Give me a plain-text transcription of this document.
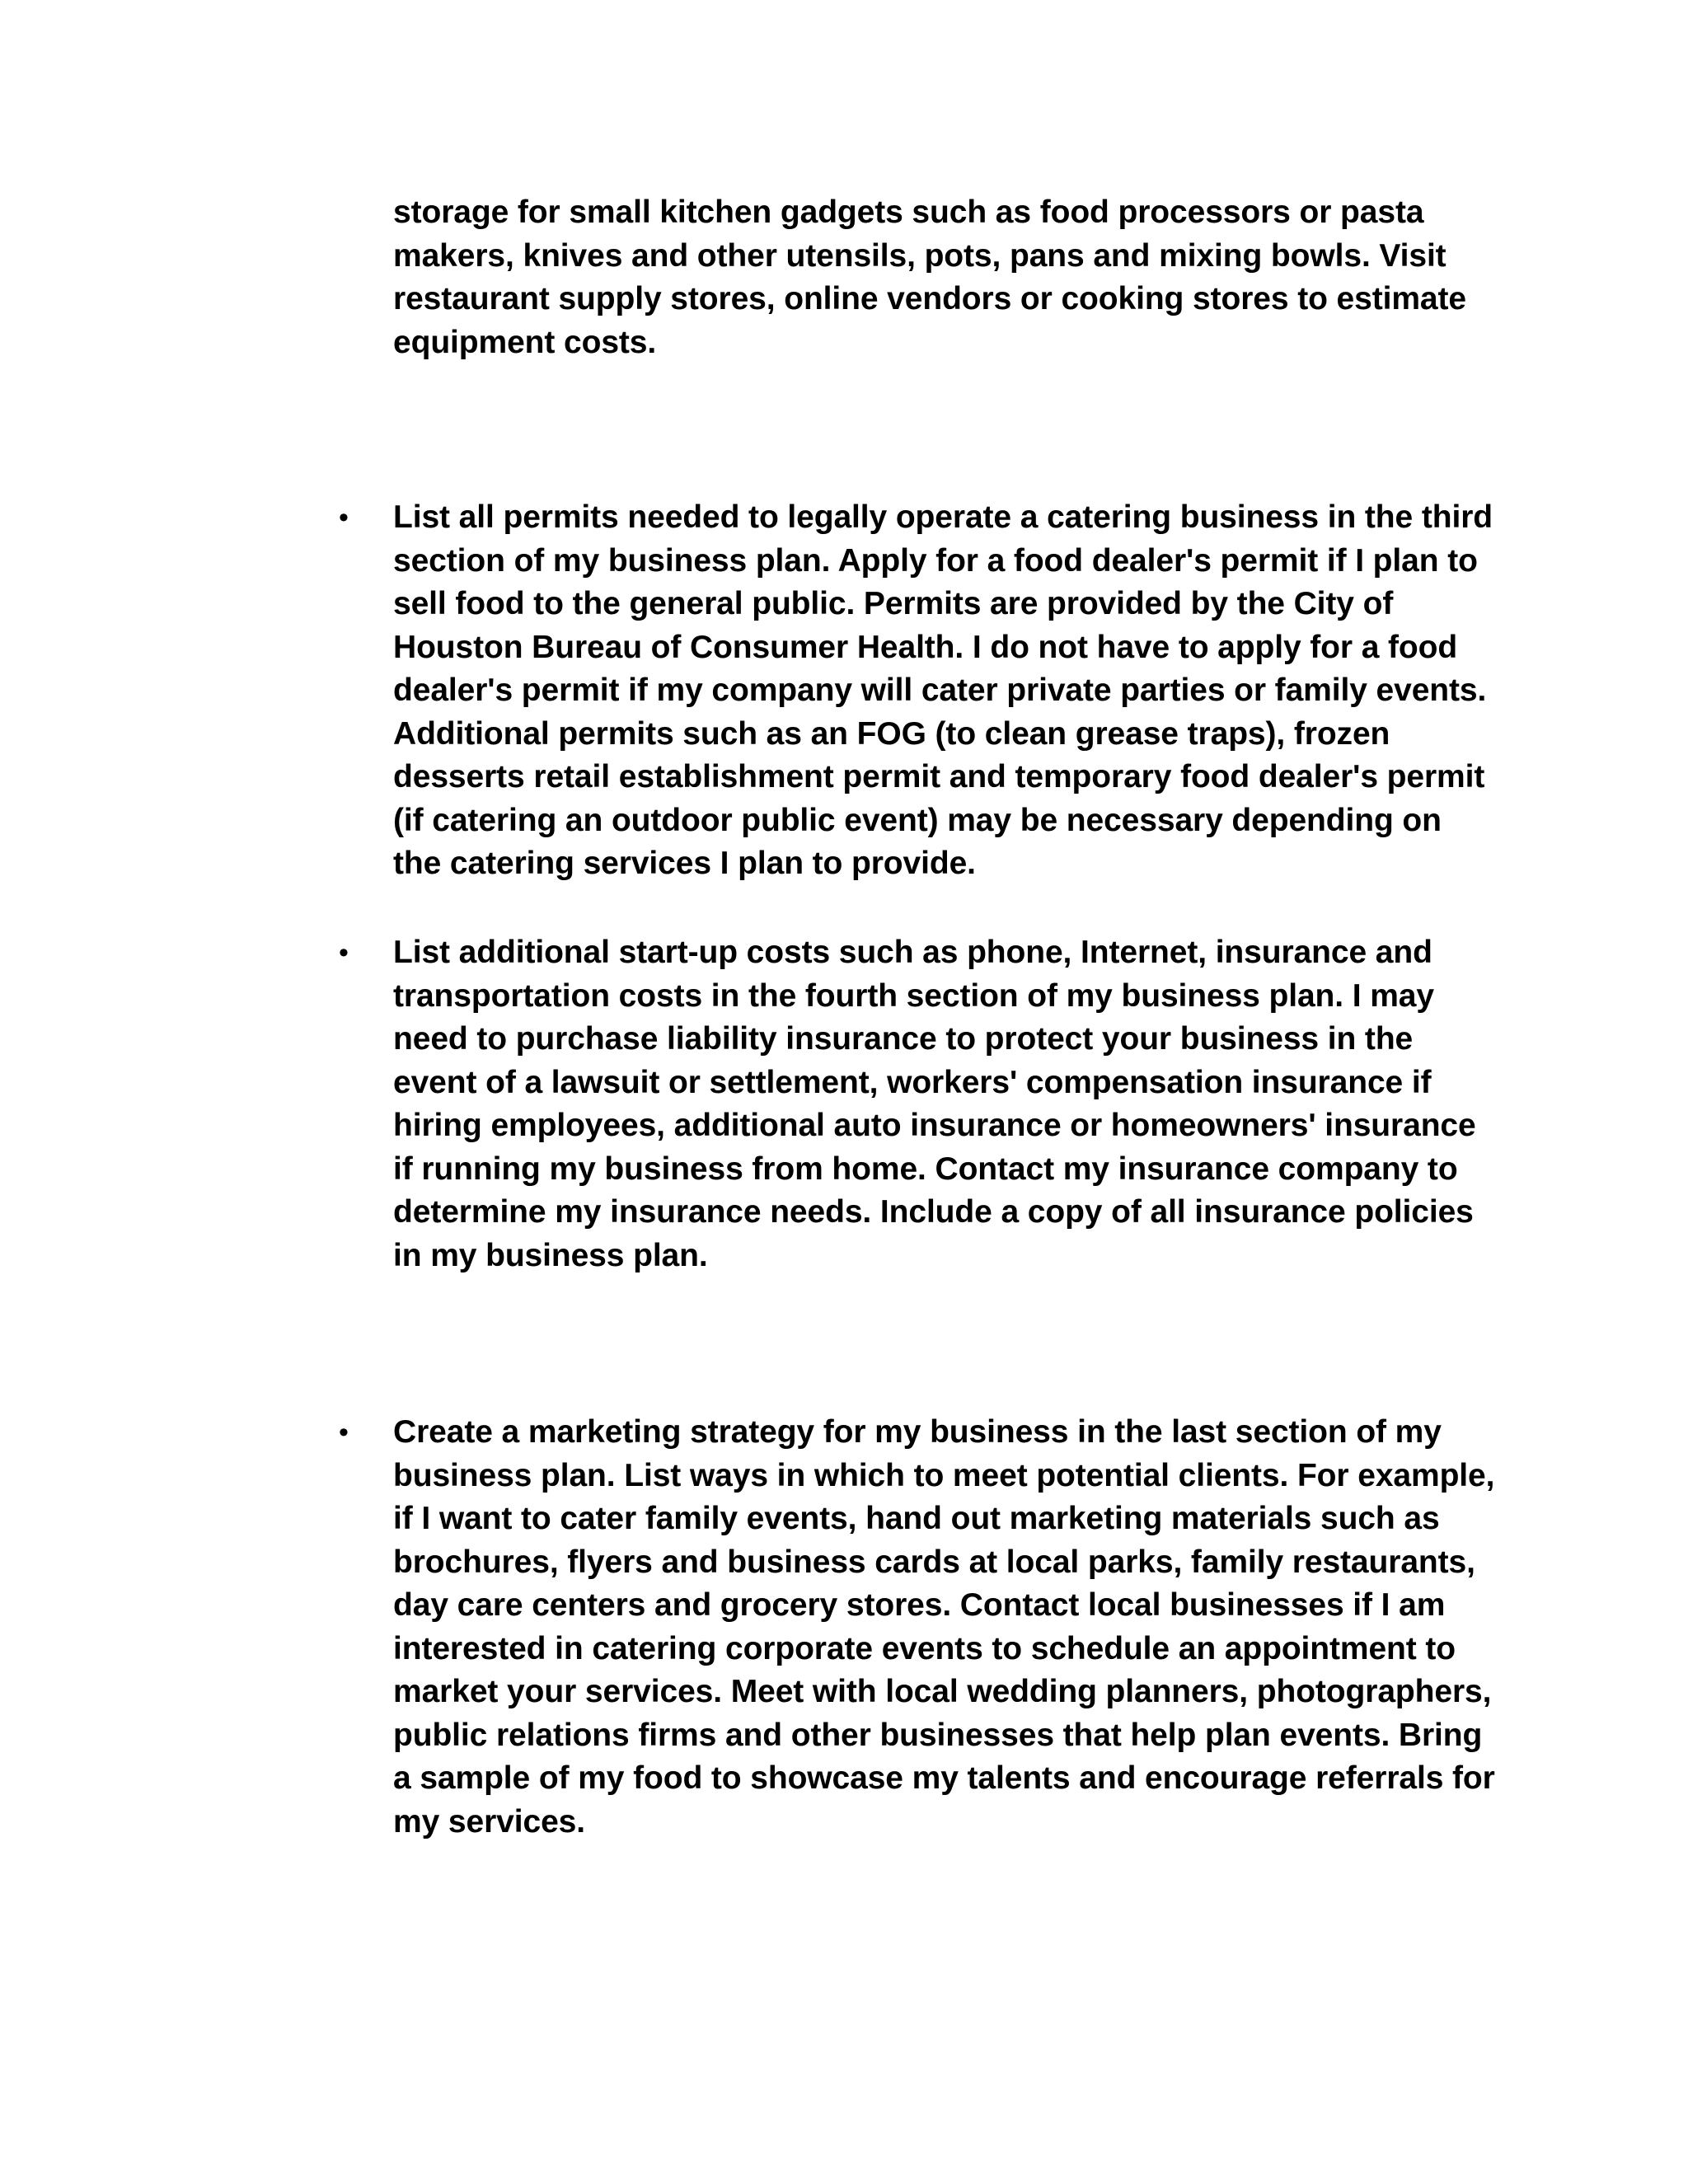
storage for small kitchen gadgets such as food processors or pasta makers, knives and other utensils, pots, pans and mixing bowls. Visit restaurant supply stores, online vendors or cooking stores to estimate equipment costs.
•	List all permits needed to legally operate a catering business in the third section of my business plan. Apply for a food dealer's permit if I plan to sell food to the general public. Permits are provided by the City of Houston Bureau of Consumer Health. I do not have to apply for a food dealer's permit if my company will cater private parties or family events. Additional permits such as an FOG (to clean grease traps), frozen desserts retail establishment permit and temporary food dealer's permit (if catering an outdoor public event) may be necessary depending on the catering services I plan to provide.
•	List additional start-up costs such as phone, Internet, insurance and transportation costs in the fourth section of my business plan. I may need to purchase liability insurance to protect your business in the event of a lawsuit or settlement, workers' compensation insurance if hiring employees, additional auto insurance or homeowners' insurance if running my business from home. Contact my insurance company to determine my insurance needs. Include a copy of all insurance policies in my business plan.
•	Create a marketing strategy for my business in the last section of my business plan. List ways in which to meet potential clients. For example, if I want to cater family events, hand out marketing materials such as brochures, flyers and business cards at local parks, family restaurants, day care centers and grocery stores. Contact local businesses if I am interested in catering corporate events to schedule an appointment to market your services. Meet with local wedding planners, photographers, public relations firms and other businesses that help plan events. Bring a sample of my food to showcase my talents and encourage referrals for my services.
